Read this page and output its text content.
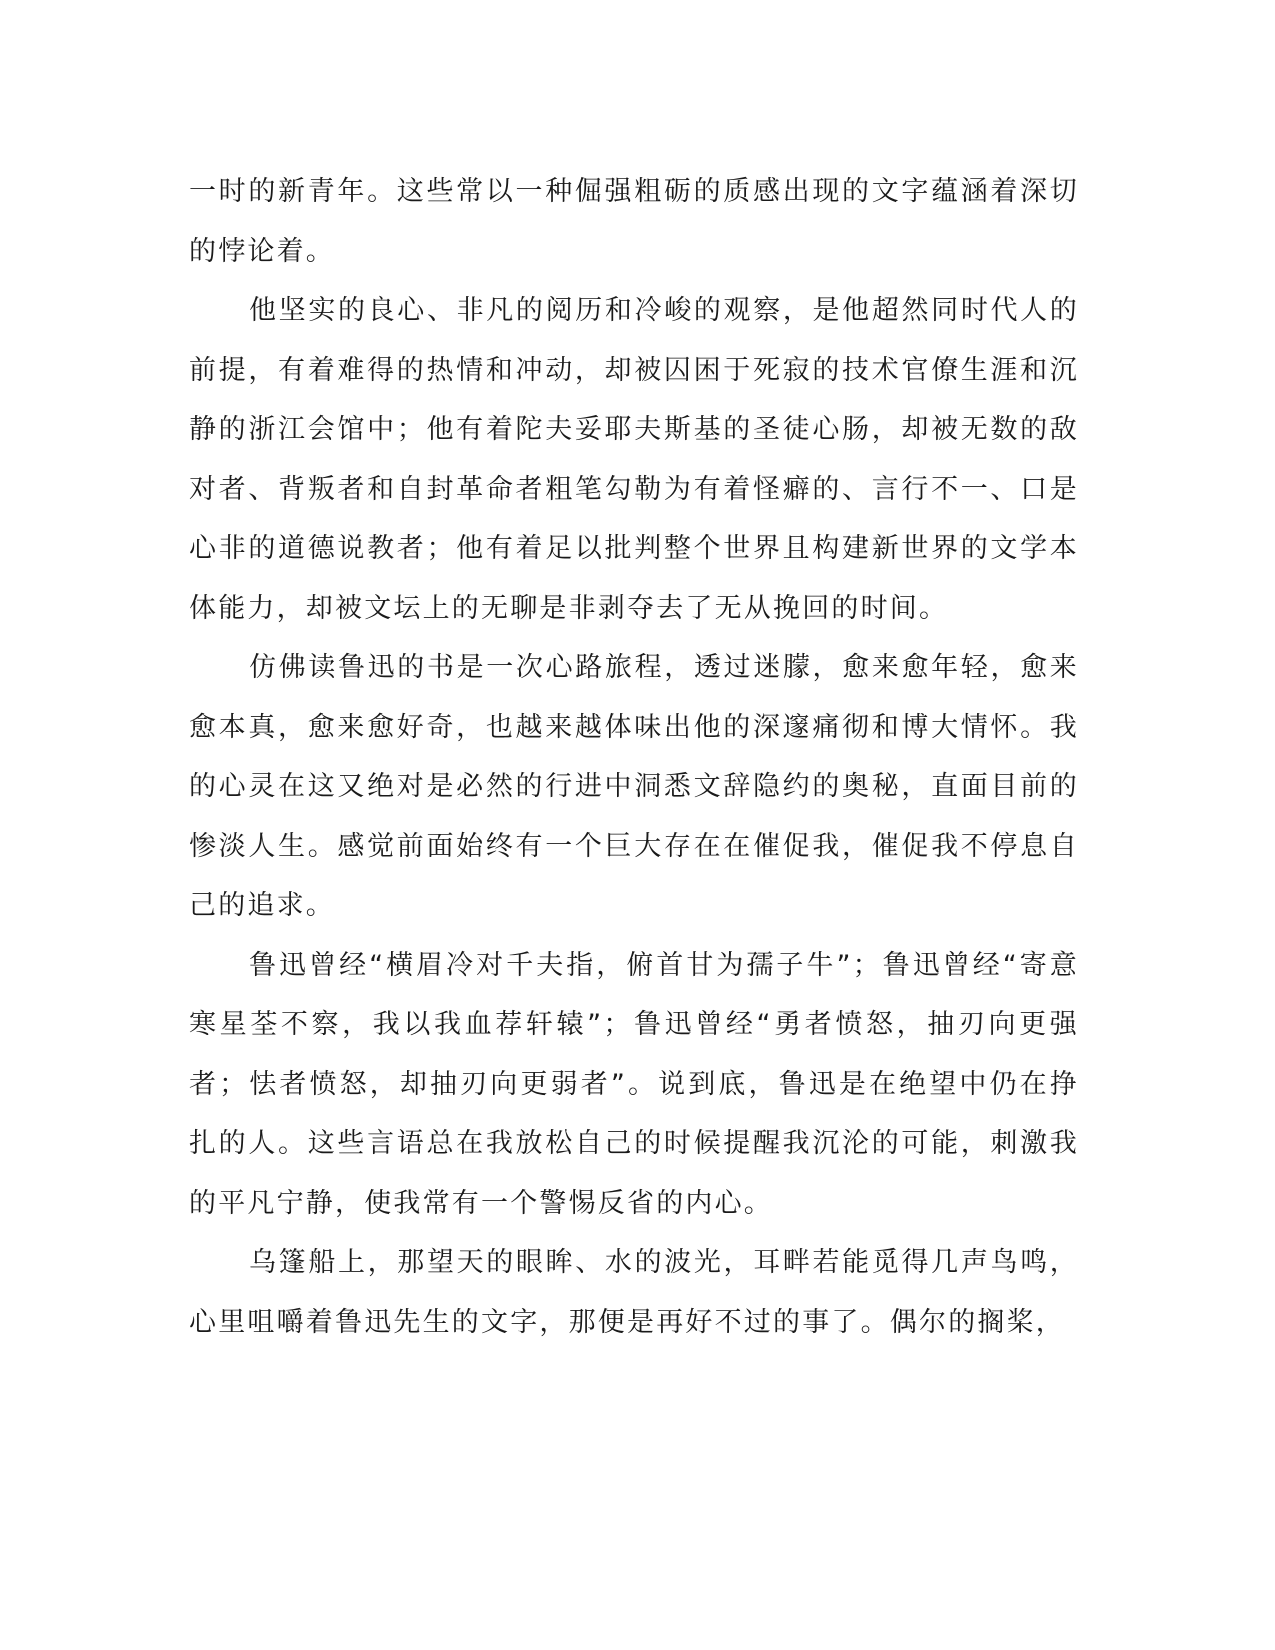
一时的新青年。这些常以一种倔强粗砺的质感出现的文字蕴涵着深切的悖论着。

他坚实的良心、非凡的阅历和冷峻的观察，是他超然同时代人的前提，有着难得的热情和冲动，却被囚困于死寂的技术官僚生涯和沉静的浙江会馆中；他有着陀夫妥耶夫斯基的圣徒心肠，却被无数的敌对者、背叛者和自封革命者粗笔勾勒为有着怪癖的、言行不一、口是心非的道德说教者；他有着足以批判整个世界且构建新世界的文学本体能力，却被文坛上的无聊是非剥夺去了无从挽回的时间。

仿佛读鲁迅的书是一次心路旅程，透过迷朦，愈来愈年轻，愈来愈本真，愈来愈好奇，也越来越体味出他的深邃痛彻和博大情怀。我的心灵在这又绝对是必然的行进中洞悉文辞隐约的奥秘，直面目前的惨淡人生。感觉前面始终有一个巨大存在在催促我，催促我不停息自己的追求。

鲁迅曾经“横眉冷对千夫指，俯首甘为孺子牛”；鲁迅曾经“寄意寒星荃不察，我以我血荐轩辕”；鲁迅曾经“勇者愤怒，抽刃向更强者；怯者愤怒，却抽刃向更弱者”。说到底，鲁迅是在绝望中仍在挣扎的人。这些言语总在我放松自己的时候提醒我沉沦的可能，刺激我的平凡宁静，使我常有一个警惕反省的内心。

乌篷船上，那望天的眼眸、水的波光，耳畔若能觅得几声鸟鸣，心里咀嚼着鲁迅先生的文字，那便是再好不过的事了。偶尔的搁桨，
